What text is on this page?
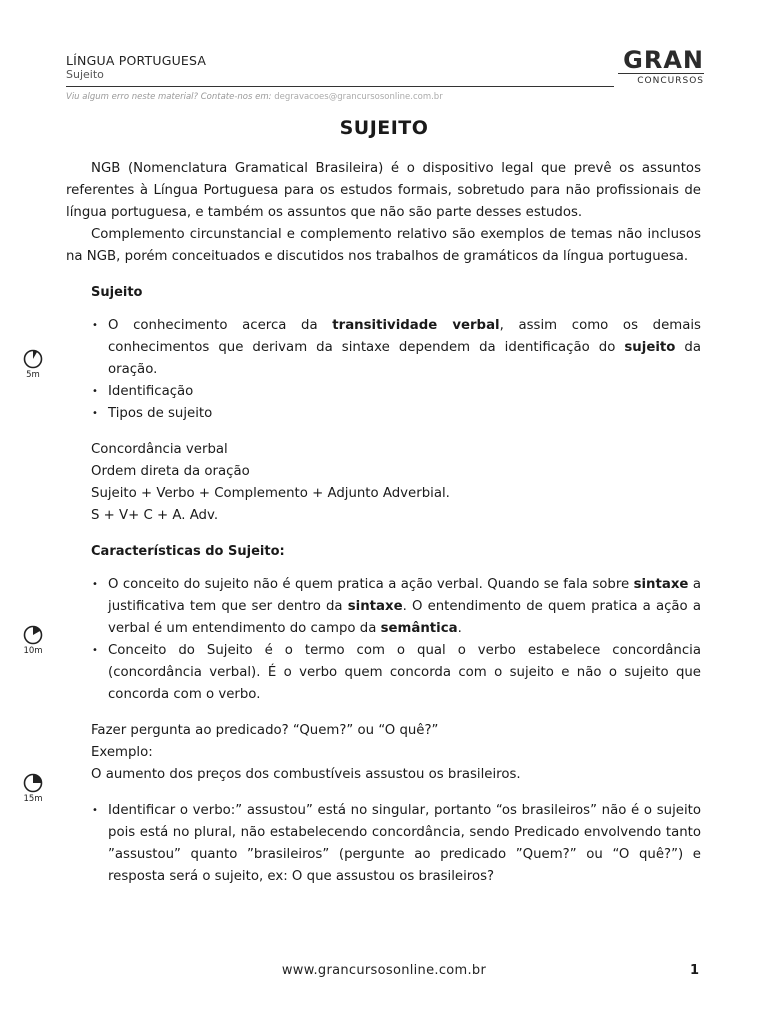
LÍNGUA PORTUGUESA
Sujeito
GRAN
CONCURSOS
Viu algum erro neste material? Contate-nos em: degravacoes@grancursosonline.com.br
SUJEITO

NGB (Nomenclatura Gramatical Brasileira) é o dispositivo legal que prevê os assuntos referentes à Língua Portuguesa para os estudos formais, sobretudo para não profissionais de língua portuguesa, e também os assuntos que não são parte desses estudos.

Complemento circunstancial e complemento relativo são exemplos de temas não inclusos na NGB, porém conceituados e discutidos nos trabalhos de gramáticos da língua portuguesa.

Sujeito

• O conhecimento acerca da transitividade verbal, assim como os demais conhecimentos que derivam da sintaxe dependem da identificação do sujeito da oração.
• Identificação
• Tipos de sujeito

Concordância verbal

Ordem direta da oração

Sujeito + Verbo + Complemento + Adjunto Adverbial.

S + V+ C + A. Adv.

Características do Sujeito:

• O conceito do sujeito não é quem pratica a ação verbal. Quando se fala sobre sintaxe a justificativa tem que ser dentro da sintaxe. O entendimento de quem pratica a ação a verbal é um entendimento do campo da semântica.
• Conceito do Sujeito é o termo com o qual o verbo estabelece concordância (concordância verbal). É o verbo quem concorda com o sujeito e não o sujeito que concorda com o verbo.

Fazer pergunta ao predicado? “Quem?” ou “O quê?”

Exemplo:

O aumento dos preços dos combustíveis assustou os brasileiros.

• Identificar o verbo:” assustou” está no singular, portanto “os brasileiros” não é o sujeito pois está no plural, não estabelecendo concordância, sendo Predicado envolvendo tanto ”assustou” quanto ”brasileiros” (pergunte ao predicado ”Quem?” ou “O quê?”) e resposta será o sujeito, ex: O que assustou os brasileiros?
5m
10m
15m
www.grancursosonline.com.br	1
